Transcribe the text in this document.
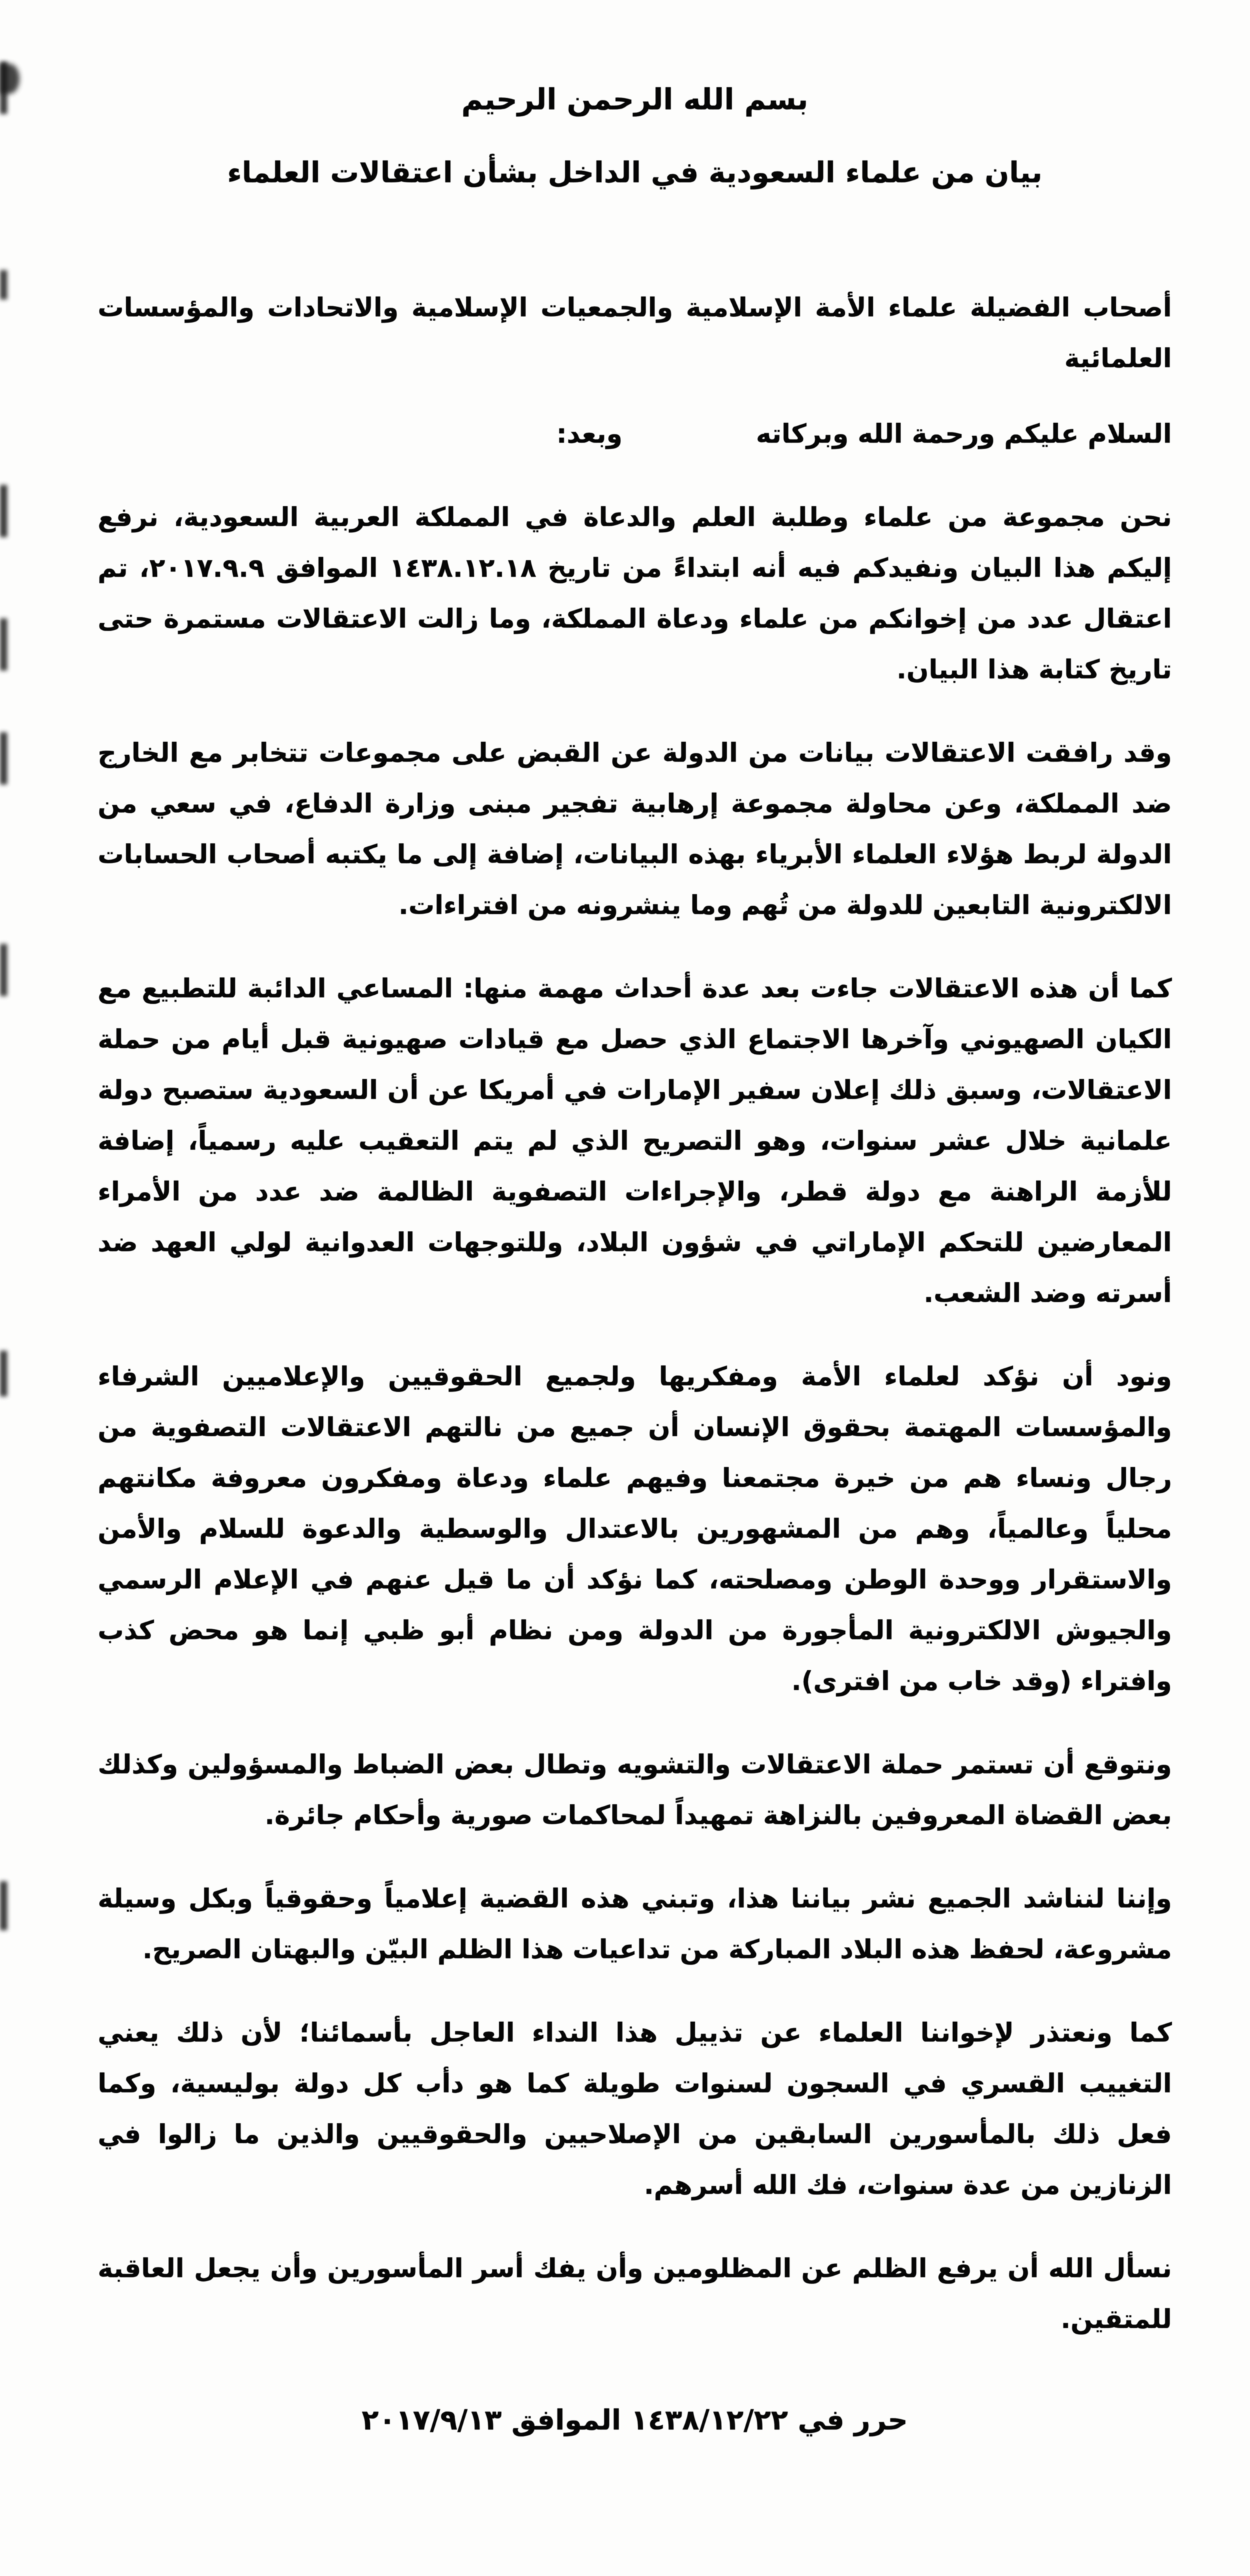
بسم الله الرحمن الرحيم
بيان من علماء السعودية في الداخل بشأن اعتقالات العلماء

أصحاب الفضيلة علماء الأمة الإسلامية والجمعيات الإسلامية والاتحادات والمؤسسات العلمائية

السلام عليكم ورحمة الله وبركاتهوبعد:

نحن مجموعة من علماء وطلبة العلم والدعاة في المملكة العربية السعودية، نرفع إليكم هذا البيان ونفيدكم فيه أنه ابتداءً من تاريخ ١٤٣٨.١٢.١٨ الموافق ٢٠١٧.٩.٩، تم اعتقال عدد من إخوانكم من علماء ودعاة المملكة، وما زالت الاعتقالات مستمرة حتى تاريخ كتابة هذا البيان.

وقد رافقت الاعتقالات بيانات من الدولة عن القبض على مجموعات تتخابر مع الخارج ضد المملكة، وعن محاولة مجموعة إرهابية تفجير مبنى وزارة الدفاع، في سعي من الدولة لربط هؤلاء العلماء الأبرياء بهذه البيانات، إضافة إلى ما يكتبه أصحاب الحسابات الالكترونية التابعين للدولة من تُهم وما ينشرونه من افتراءات.

كما أن هذه الاعتقالات جاءت بعد عدة أحداث مهمة منها: المساعي الدائبة للتطبيع مع الكيان الصهيوني وآخرها الاجتماع الذي حصل مع قيادات صهيونية قبل أيام من حملة الاعتقالات، وسبق ذلك إعلان سفير الإمارات في أمريكا عن أن السعودية ستصبح دولة علمانية خلال عشر سنوات، وهو التصريح الذي لم يتم التعقيب عليه رسمياً، إضافة للأزمة الراهنة مع دولة قطر، والإجراءات التصفوية الظالمة ضد عدد من الأمراء المعارضين للتحكم الإماراتي في شؤون البلاد، وللتوجهات العدوانية لولي العهد ضد أسرته وضد الشعب.

ونود أن نؤكد لعلماء الأمة ومفكريها ولجميع الحقوقيين والإعلاميين الشرفاء والمؤسسات المهتمة بحقوق الإنسان أن جميع من نالتهم الاعتقالات التصفوية من رجال ونساء هم من خيرة مجتمعنا وفيهم علماء ودعاة ومفكرون معروفة مكانتهم محلياً وعالمياً، وهم من المشهورين بالاعتدال والوسطية والدعوة للسلام والأمن والاستقرار ووحدة الوطن ومصلحته، كما نؤكد أن ما قيل عنهم في الإعلام الرسمي والجيوش الالكترونية المأجورة من الدولة ومن نظام أبو ظبي إنما هو محض كذب وافتراء (وقد خاب من افترى).

ونتوقع أن تستمر حملة الاعتقالات والتشويه وتطال بعض الضباط والمسؤولين وكذلك بعض القضاة المعروفين بالنزاهة تمهيداً لمحاكمات صورية وأحكام جائرة.

وإننا لنناشد الجميع نشر بياننا هذا، وتبني هذه القضية إعلامياً وحقوقياً وبكل وسيلة مشروعة، لحفظ هذه البلاد المباركة من تداعيات هذا الظلم البيّن والبهتان الصريح.

كما ونعتذر لإخواننا العلماء عن تذييل هذا النداء العاجل بأسمائنا؛ لأن ذلك يعني التغييب القسري في السجون لسنوات طويلة كما هو دأب كل دولة بوليسية، وكما فعل ذلك بالمأسورين السابقين من الإصلاحيين والحقوقيين والذين ما زالوا في الزنازين من عدة سنوات، فك الله أسرهم.

نسأل الله أن يرفع الظلم عن المظلومين وأن يفك أسر المأسورين وأن يجعل العاقبة للمتقين.

حرر في ١٤٣٨/١٢/٢٢ الموافق ٢٠١٧/٩/١٣
